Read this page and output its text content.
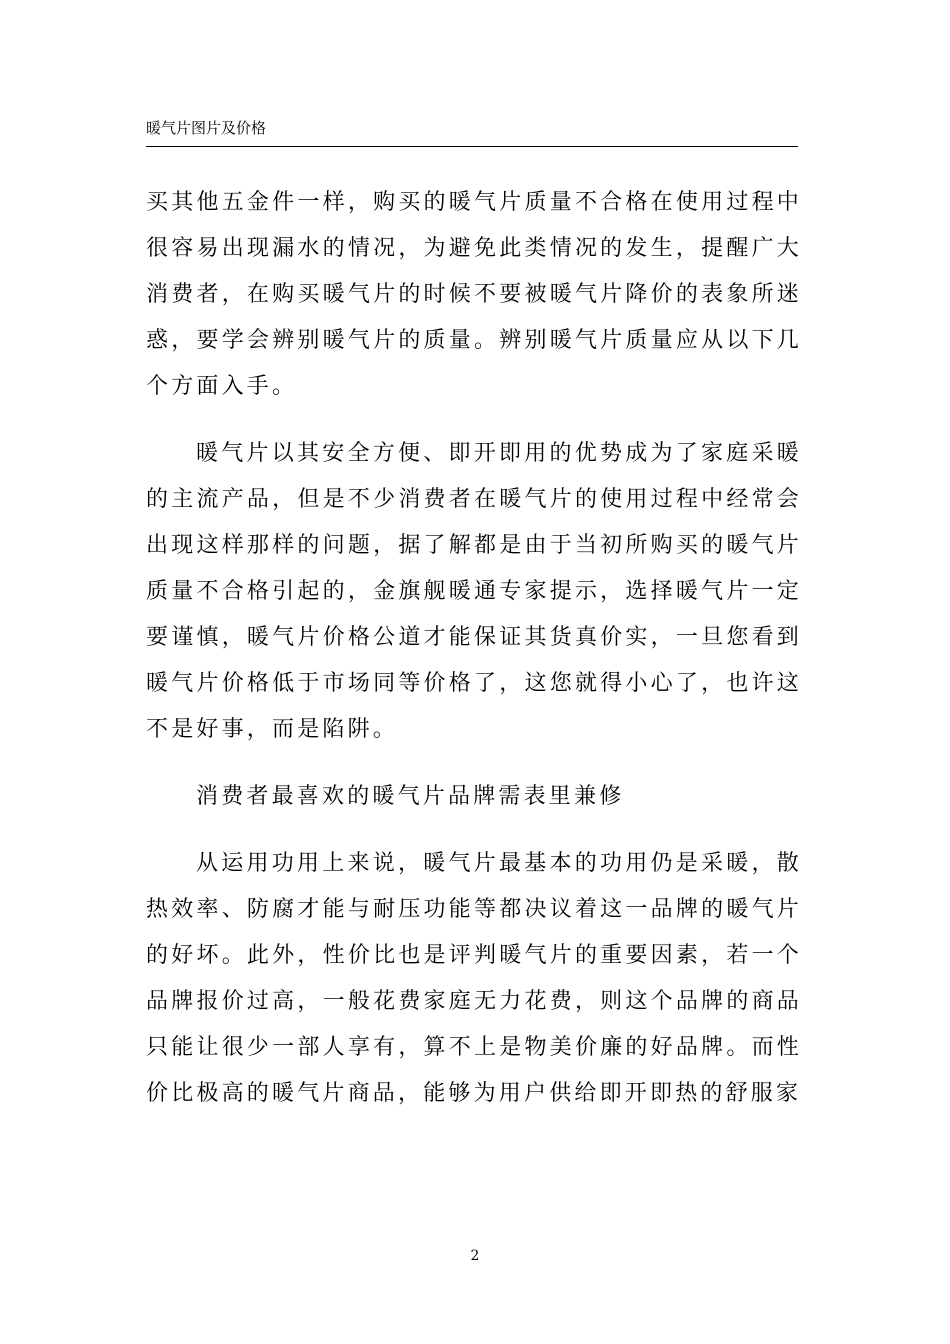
暖气片图片及价格

买其他五金件一样，购买的暖气片质量不合格在使用过程中很容易出现漏水的情况，为避免此类情况的发生，提醒广大消费者，在购买暖气片的时候不要被暖气片降价的表象所迷惑，要学会辨别暖气片的质量。辨别暖气片质量应从以下几个方面入手。

暖气片以其安全方便、即开即用的优势成为了家庭采暖的主流产品，但是不少消费者在暖气片的使用过程中经常会出现这样那样的问题，据了解都是由于当初所购买的暖气片质量不合格引起的，金旗舰暖通专家提示，选择暖气片一定要谨慎，暖气片价格公道才能保证其货真价实，一旦您看到暖气片价格低于市场同等价格了，这您就得小心了，也许这不是好事，而是陷阱。

消费者最喜欢的暖气片品牌需表里兼修

从运用功用上来说，暖气片最基本的功用仍是采暖，散热效率、防腐才能与耐压功能等都决议着这一品牌的暖气片的好坏。此外，性价比也是评判暖气片的重要因素，若一个品牌报价过高，一般花费家庭无力花费，则这个品牌的商品只能让很少一部人享有，算不上是物美价廉的好品牌。而性价比极高的暖气片商品，能够为用户供给即开即热的舒服家

2
